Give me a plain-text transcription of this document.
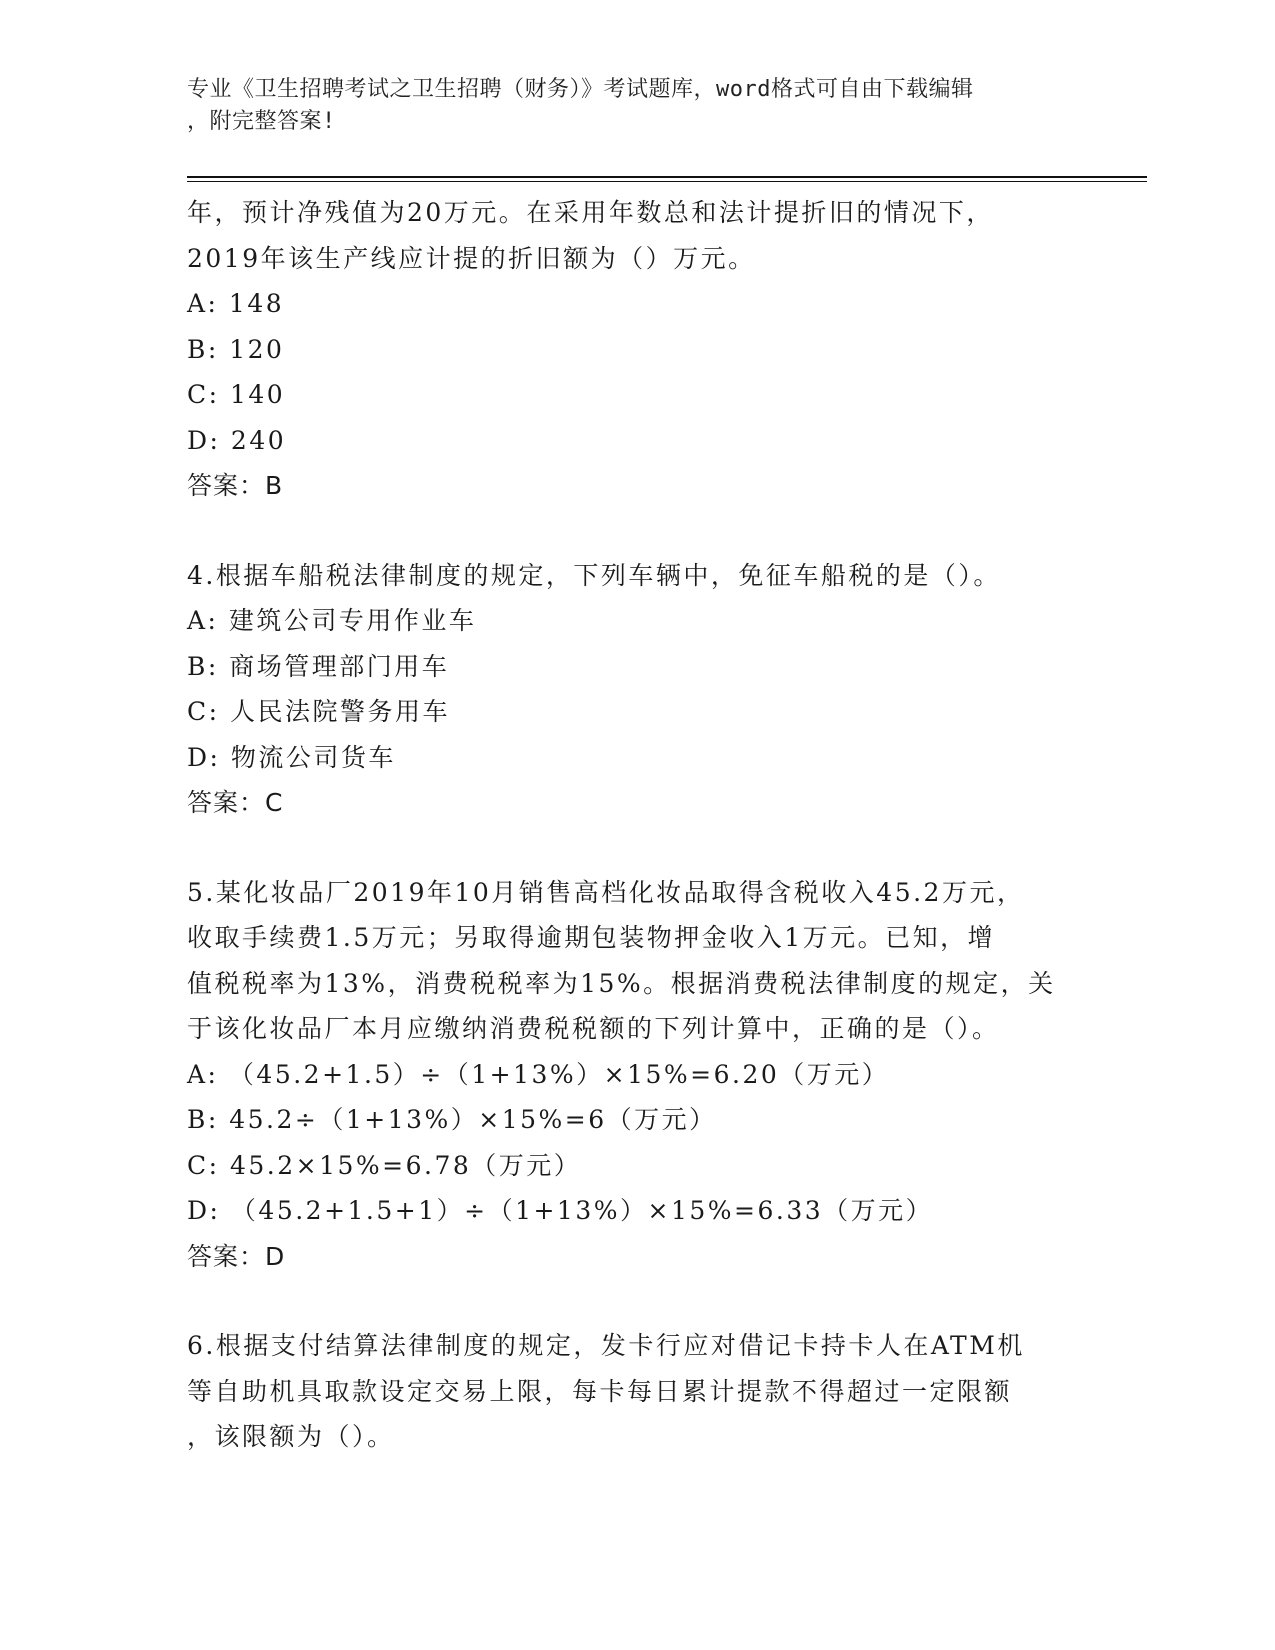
专业《卫生招聘考试之卫生招聘（财务）》考试题库，word格式可自由下载编辑
，附完整答案!
年，预计净残值为20万元。在采用年数总和法计提折旧的情况下，
2019年该生产线应计提的折旧额为（）万元。
A: 148
B: 120
C: 140
D: 240
答案：B
4.根据车船税法律制度的规定，下列车辆中，免征车船税的是（）。
A: 建筑公司专用作业车
B: 商场管理部门用车
C: 人民法院警务用车
D: 物流公司货车
答案：C
5.某化妆品厂2019年10月销售高档化妆品取得含税收入45.2万元，
收取手续费1.5万元；另取得逾期包装物押金收入1万元。已知，增
值税税率为13%，消费税税率为15%。根据消费税法律制度的规定，关
于该化妆品厂本月应缴纳消费税税额的下列计算中，正确的是（）。
A: （45.2+1.5）÷（1+13%）×15%=6.20（万元）
B: 45.2÷（1+13%）×15%=6（万元）
C: 45.2×15%=6.78（万元）
D: （45.2+1.5+1）÷（1+13%）×15%=6.33（万元）
答案：D
6.根据支付结算法律制度的规定，发卡行应对借记卡持卡人在ATM机
等自助机具取款设定交易上限，每卡每日累计提款不得超过一定限额
，该限额为（）。
